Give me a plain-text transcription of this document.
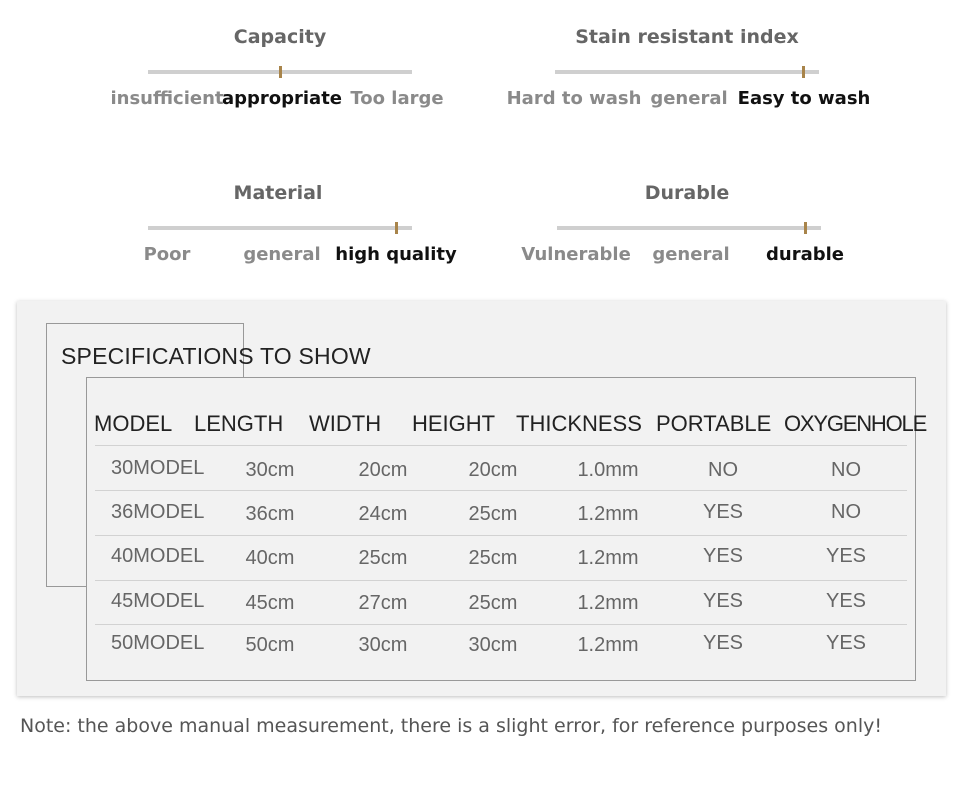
Capacity
insufficient
appropriate Too large
Stain resistant index
Hard to wash general Easy to wash
Material
Poor	general high quality
Durable
Vulnerable general durable
SPECIFICATIONS TO SHOW
MODEL LENGTH WIDTH HEIGHT THICKNESS PORTABLE OXYGENHOLE
30MODEL 30cm	20cm	20cm	1.0mm	NO	NO
36MODEL 36cm	24cm	25cm	1.2mm	YES	NO
40MODEL 40cm	25cm	25cm	1.2mm	YES	YES
45MODEL 45cm	27cm	25cm	1.2mm	YES	YES
50MODEL 50cm	30cm	30cm	1.2mm	YES	YES
Note: the above manual measurement, there is a slight error, for reference purposes only!
